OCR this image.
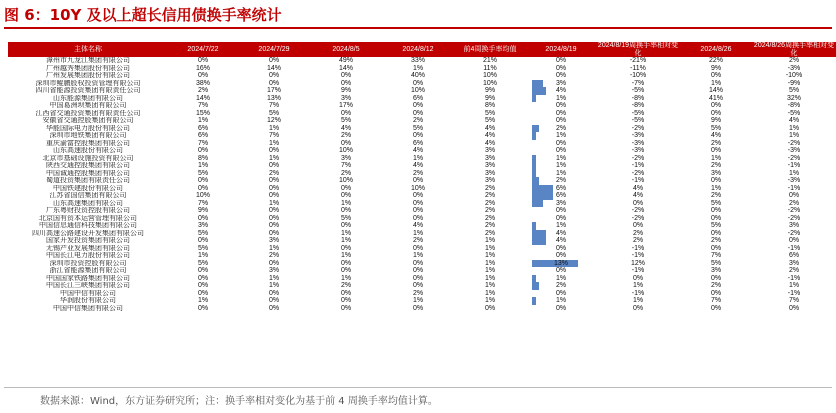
图 6：10Y 及以上超长信用债换手率统计
主体名称	2024/7/22	2024/7/29	2024/8/5	2024/8/12	前4周换手率均值	2024/8/19	2024/8/19周换手率相对变化	2024/8/26	2024/8/26周换手率相对变化
漳州市九龙江集团有限公司	0%	0%	49%	33%	21%	0%	-21%	22%	2%
广州越秀集团股份有限公司	16%	14%	14%	1%	11%	0%	-11%	9%	-3%
广州发展集团股份有限公司	0%	0%	0%	40%	10%	0%	-10%	0%	-10%
深圳市鲲鹏股权投资管理有限公司	38%	0%	0%	0%	10%	3%	-7%	1%	-9%
四川省能源投资集团有限责任公司	2%	17%	9%	10%	9%	4%	-5%	14%	5%
山东能源集团有限公司	14%	13%	3%	6%	9%	1%	-8%	41%	32%
中国葛洲坝集团有限公司	7%	7%	17%	0%	8%	0%	-8%	0%	-8%
江西省交通投资集团有限责任公司	15%	5%	0%	0%	5%	0%	-5%	0%	-5%
安徽省交通控股集团有限公司	1%	12%	5%	2%	5%	0%	-5%	9%	4%
华能国际电力股份有限公司	6%	1%	4%	5%	4%	2%	-2%	5%	1%
深圳市地铁集团有限公司	6%	7%	2%	0%	4%	1%	-3%	4%	1%
重庆渝富控股集团有限公司	7%	1%	0%	6%	4%	0%	-3%	2%	-2%
山东高速股份有限公司	0%	0%	10%	4%	3%	0%	-3%	0%	-3%
北京市基础设施投资有限公司	8%	1%	3%	1%	3%	1%	-2%	1%	-2%
陕西交通控股集团有限公司	1%	0%	7%	4%	3%	1%	-1%	2%	-1%
中国诚通控股集团有限公司	5%	2%	2%	2%	3%	1%	-2%	3%	1%
蜀道投资集团有限责任公司	0%	0%	10%	0%	3%	2%	-1%	0%	-3%
中国铁建股份有限公司	0%	0%	0%	10%	2%	6%	4%	1%	-1%
江苏省国信集团有限公司	10%	0%	0%	0%	2%	6%	4%	2%	0%
山东高速集团有限公司	7%	1%	1%	0%	2%	3%	0%	5%	2%
广东粤财投资控股有限公司	9%	0%	0%	0%	2%	0%	-2%	0%	-2%
北京国有资本运营管理有限公司	0%	0%	5%	0%	2%	0%	-2%	0%	-2%
中国信息通信科技集团有限公司	3%	0%	0%	4%	2%	1%	0%	5%	3%
四川高速公路建设开发集团有限公司	5%	0%	1%	1%	2%	4%	2%	0%	-2%
国家开发投资集团有限公司	0%	3%	1%	2%	1%	4%	2%	2%	0%
无锡产业发展集团有限公司	5%	1%	0%	0%	1%	0%	-1%	0%	-1%
中国长江电力股份有限公司	1%	2%	1%	1%	1%	0%	-1%	7%	6%
深圳市投资控股有限公司	5%	0%	0%	0%	1%	13%	12%	5%	3%
浙江省能源集团有限公司	0%	3%	0%	0%	1%	0%	-1%	3%	2%
中国国家铁路集团有限公司	0%	1%	1%	0%	1%	1%	0%	0%	-1%
中国长江三峡集团有限公司	0%	1%	2%	0%	1%	2%	1%	2%	1%
中国中信有限公司	0%	0%	0%	2%	1%	0%	-1%	0%	-1%
华润股份有限公司	1%	0%	0%	1%	1%	1%	1%	7%	7%
中国中信集团有限公司	0%	0%	0%	0%	0%	0%	0%	0%	0%
数据来源：Wind，东方证券研究所；注：换手率相对变化为基于前 4 周换手率均值计算。
